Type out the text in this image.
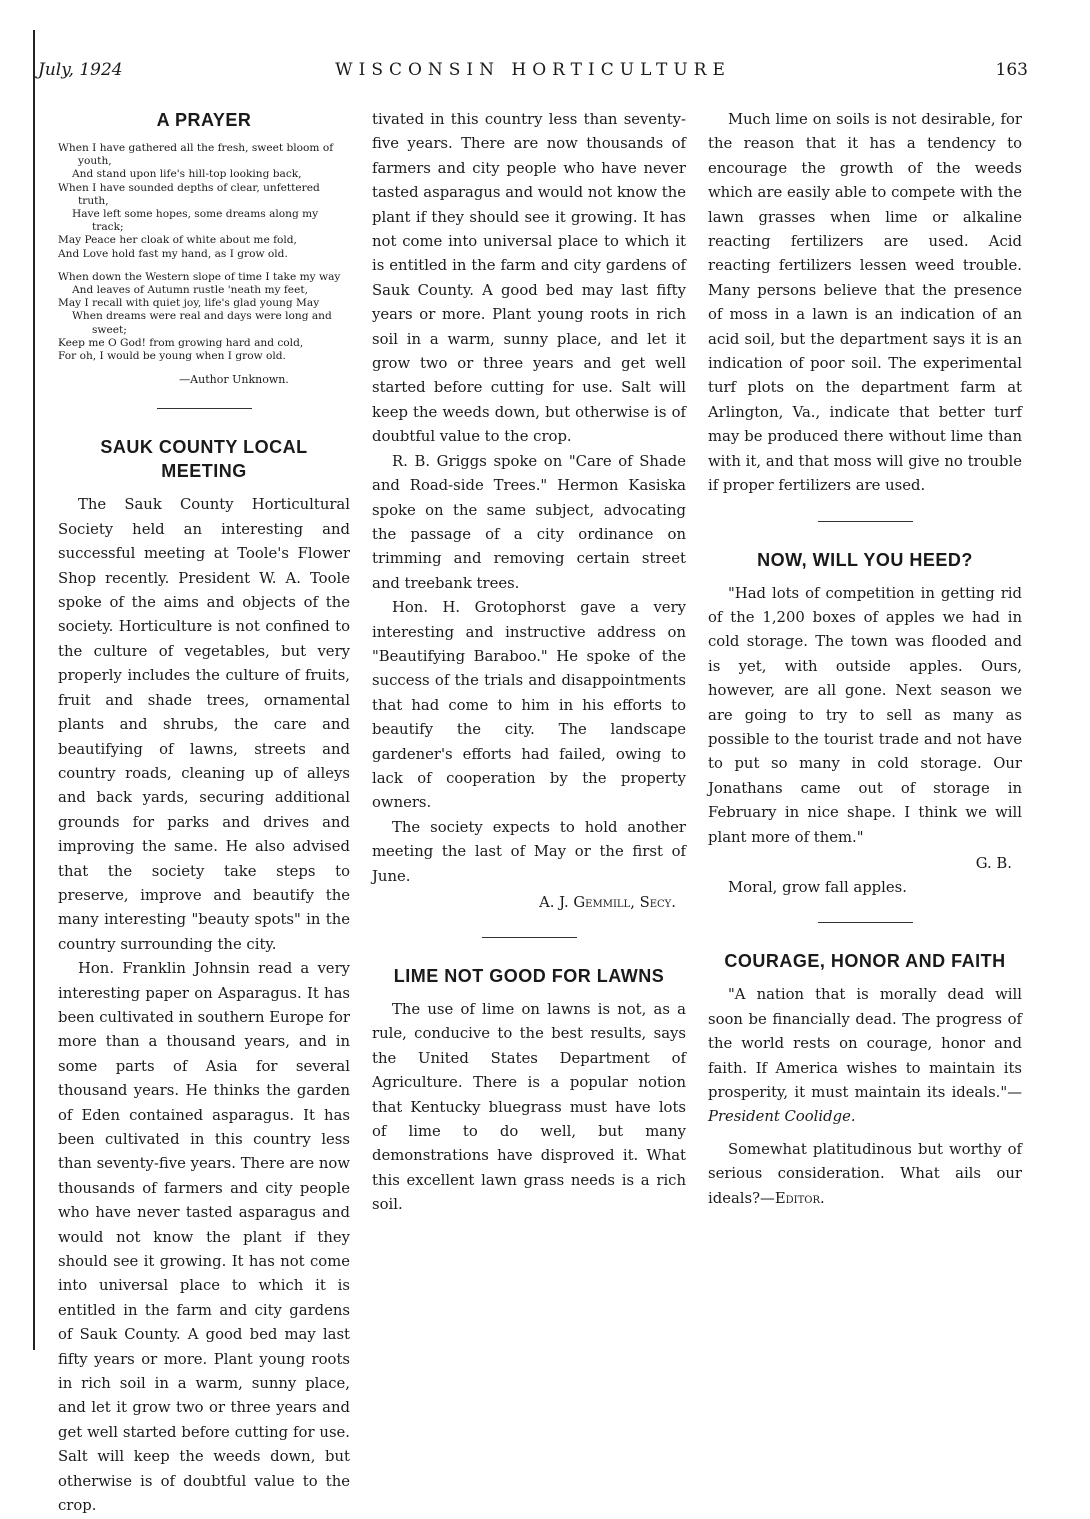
July, 1924	WISCONSIN HORTICULTURE	163
A PRAYER
When I have gathered all the fresh, sweet bloom of youth,
And stand upon life's hill-top looking back,
When I have sounded depths of clear, unfettered truth,
Have left some hopes, some dreams along my track;
May Peace her cloak of white about me fold,
And Love hold fast my hand, as I grow old.
When down the Western slope of time I take my way
And leaves of Autumn rustle 'neath my feet,
May I recall with quiet joy, life's glad young May
When dreams were real and days were long and sweet;
Keep me O God! from growing hard and cold,
For oh, I would be young when I grow old.
—Author Unknown.
SAUK COUNTY LOCAL MEETING

The Sauk County Horticultural Society held an interesting and successful meeting at Toole's Flower Shop recently. President W. A. Toole spoke of the aims and objects of the society. Horticulture is not confined to the culture of vegetables, but very properly includes the culture of fruits, fruit and shade trees, ornamental plants and shrubs, the care and beautifying of lawns, streets and country roads, cleaning up of alleys and back yards, securing additional grounds for parks and drives and improving the same. He also advised that the society take steps to preserve, improve and beautify the many interesting "beauty spots" in the country surrounding the city.

Hon. Franklin Johnsin read a very interesting paper on Asparagus. It has been cultivated in southern Europe for more than a thousand years, and in some parts of Asia for several thousand years. He thinks the garden of Eden contained asparagus. It has been cultivated in this country less than seventy-five years. There are now thousands of farmers and city people who have never tasted asparagus and would not know the plant if they should see it growing. It has not come into universal place to which it is entitled in the farm and city gardens of Sauk County. A good bed may last fifty years or more. Plant young roots in rich soil in a warm, sunny place, and let it grow two or three years and get well started before cutting for use. Salt will keep the weeds down, but otherwise is of doubtful value to the crop.

tivated in this country less than seventy-five years. There are now thousands of farmers and city people who have never tasted asparagus and would not know the plant if they should see it growing. It has not come into universal place to which it is entitled in the farm and city gardens of Sauk County. A good bed may last fifty years or more. Plant young roots in rich soil in a warm, sunny place, and let it grow two or three years and get well started before cutting for use. Salt will keep the weeds down, but otherwise is of doubtful value to the crop.

R. B. Griggs spoke on "Care of Shade and Road-side Trees." Hermon Kasiska spoke on the same subject, advocating the passage of a city ordinance on trimming and removing certain street and treebank trees.

Hon. H. Grotophorst gave a very interesting and instructive address on "Beautifying Baraboo." He spoke of the success of the trials and disappointments that had come to him in his efforts to beautify the city. The landscape gardener's efforts had failed, owing to lack of cooperation by the property owners.

The society expects to hold another meeting the last of May or the first of June.

A. J. Gemmill, Secy.
LIME NOT GOOD FOR LAWNS

The use of lime on lawns is not, as a rule, conducive to the best results, says the United States Department of Agriculture. There is a popular notion that Kentucky bluegrass must have lots of lime to do well, but many demonstrations have disproved it. What this excellent lawn grass needs is a rich soil.

Much lime on soils is not desirable, for the reason that it has a tendency to encourage the growth of the weeds which are easily able to compete with the lawn grasses when lime or alkaline reacting fertilizers are used. Acid reacting fertilizers lessen weed trouble. Many persons believe that the presence of moss in a lawn is an indication of an acid soil, but the department says it is an indication of poor soil. The experimental turf plots on the department farm at Arlington, Va., indicate that better turf may be produced there without lime than with it, and that moss will give no trouble if proper fertilizers are used.

NOW, WILL YOU HEED?

"Had lots of competition in getting rid of the 1,200 boxes of apples we had in cold storage. The town was flooded and is yet, with outside apples. Ours, however, are all gone. Next season we are going to try to sell as many as possible to the tourist trade and not have to put so many in cold storage. Our Jonathans came out of storage in February in nice shape. I think we will plant more of them."

G. B.

Moral, grow fall apples.

COURAGE, HONOR AND FAITH

"A nation that is morally dead will soon be financially dead. The progress of the world rests on courage, honor and faith. If America wishes to maintain its prosperity, it must maintain its ideals."—President Coolidge.

Somewhat platitudinous but worthy of serious consideration. What ails our ideals?—Editor.
